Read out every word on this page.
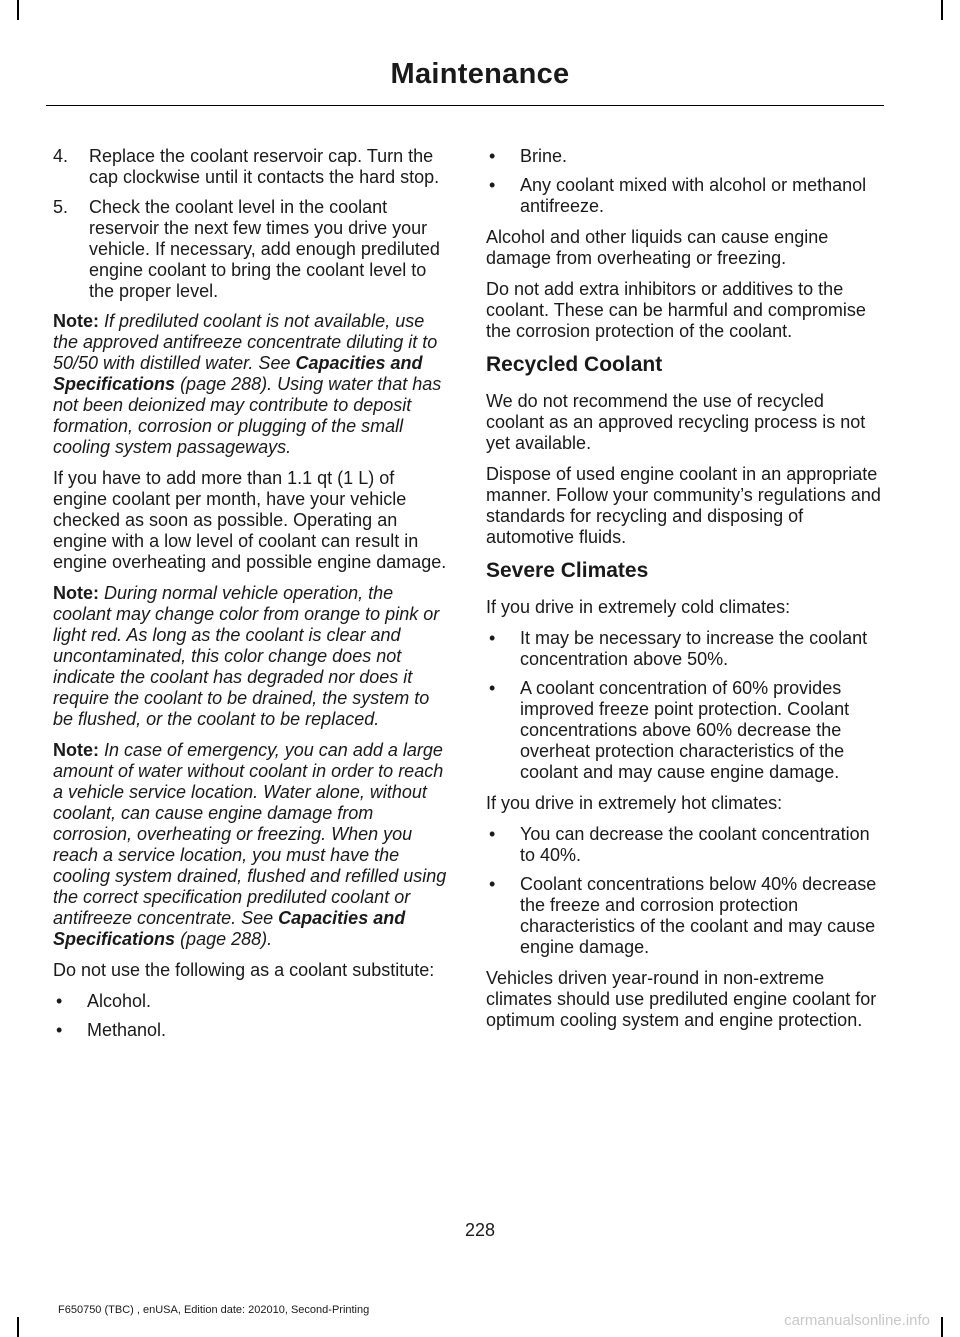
Maintenance
4. Replace the coolant reservoir cap. Turn the cap clockwise until it contacts the hard stop.
5. Check the coolant level in the coolant reservoir the next few times you drive your vehicle. If necessary, add enough prediluted engine coolant to bring the coolant level to the proper level.

Note: If prediluted coolant is not available, use the approved antifreeze concentrate diluting it to 50/50 with distilled water. See Capacities and Specifications (page 288). Using water that has not been deionized may contribute to deposit formation, corrosion or plugging of the small cooling system passageways.

If you have to add more than 1.1 qt (1 L) of engine coolant per month, have your vehicle checked as soon as possible. Operating an engine with a low level of coolant can result in engine overheating and possible engine damage.

Note: During normal vehicle operation, the coolant may change color from orange to pink or light red. As long as the coolant is clear and uncontaminated, this color change does not indicate the coolant has degraded nor does it require the coolant to be drained, the system to be flushed, or the coolant to be replaced.

Note: In case of emergency, you can add a large amount of water without coolant in order to reach a vehicle service location. Water alone, without coolant, can cause engine damage from corrosion, overheating or freezing. When you reach a service location, you must have the cooling system drained, flushed and refilled using the correct specification prediluted coolant or antifreeze concentrate. See Capacities and Specifications (page 288).

Do not use the following as a coolant substitute:

• Alcohol.
• Methanol.
• Brine.
• Any coolant mixed with alcohol or methanol antifreeze.

Alcohol and other liquids can cause engine damage from overheating or freezing.

Do not add extra inhibitors or additives to the coolant. These can be harmful and compromise the corrosion protection of the coolant.

Recycled Coolant

We do not recommend the use of recycled coolant as an approved recycling process is not yet available.

Dispose of used engine coolant in an appropriate manner. Follow your community’s regulations and standards for recycling and disposing of automotive fluids.

Severe Climates

If you drive in extremely cold climates:

• It may be necessary to increase the coolant concentration above 50%.
• A coolant concentration of 60% provides improved freeze point protection. Coolant concentrations above 60% decrease the overheat protection characteristics of the coolant and may cause engine damage.

If you drive in extremely hot climates:

• You can decrease the coolant concentration to 40%.
• Coolant concentrations below 40% decrease the freeze and corrosion protection characteristics of the coolant and may cause engine damage.

Vehicles driven year-round in non-extreme climates should use prediluted engine coolant for optimum cooling system and engine protection.

228
F650750 (TBC) , enUSA, Edition date: 202010, Second-Printing
carmanualsonline.info
